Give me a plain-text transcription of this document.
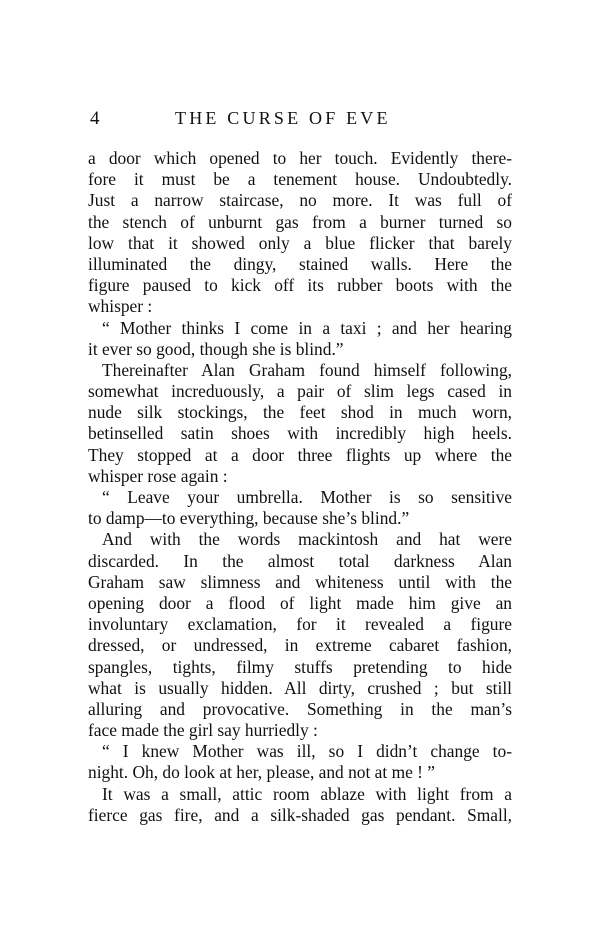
4	THE CURSE OF EVE
a door which opened to her touch. Evidently there-
fore it must be a tenement house. Undoubtedly.
Just a narrow staircase, no more. It was full of
the stench of unburnt gas from a burner turned so
low that it showed only a blue flicker that barely
illuminated the dingy, stained walls. Here the
figure paused to kick off its rubber boots with the
whisper :
“ Mother thinks I come in a taxi ; and her hearing
it ever so good, though she is blind.”
Thereinafter Alan Graham found himself following,
somewhat increduously, a pair of slim legs cased in
nude silk stockings, the feet shod in much worn,
betinselled satin shoes with incredibly high heels.
They stopped at a door three flights up where the
whisper rose again :
“ Leave your umbrella. Mother is so sensitive
to damp—to everything, because she’s blind.”
And with the words mackintosh and hat were
discarded. In the almost total darkness Alan
Graham saw slimness and whiteness until with the
opening door a flood of light made him give an
involuntary exclamation, for it revealed a figure
dressed, or undressed, in extreme cabaret fashion,
spangles, tights, filmy stuffs pretending to hide
what is usually hidden. All dirty, crushed ; but still
alluring and provocative. Something in the man’s
face made the girl say hurriedly :
“ I knew Mother was ill, so I didn’t change to-
night. Oh, do look at her, please, and not at me ! ”
It was a small, attic room ablaze with light from a
fierce gas fire, and a silk-shaded gas pendant. Small,
